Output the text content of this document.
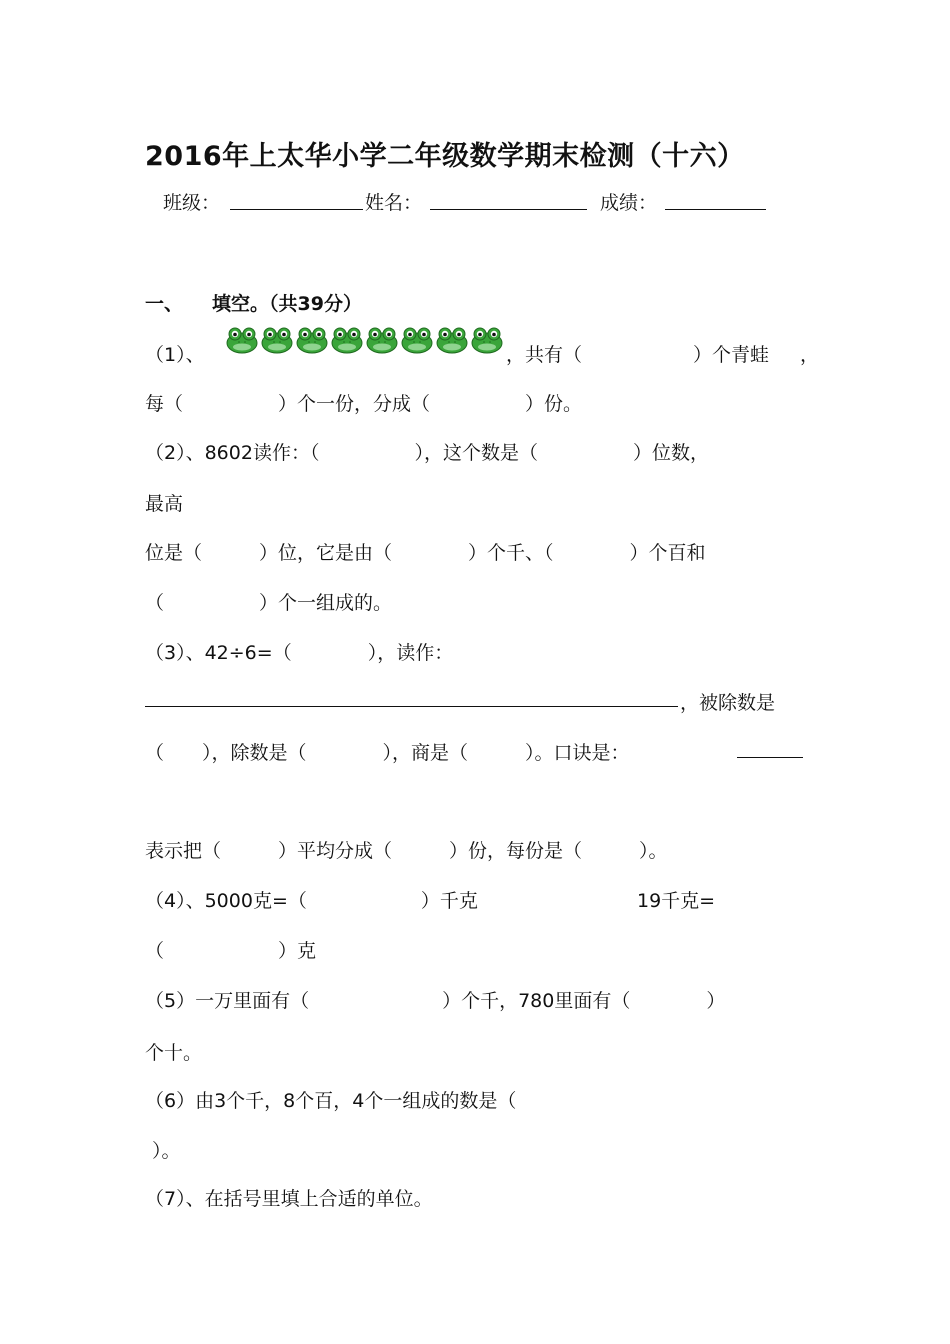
2016年上太华小学二年级数学期末检测（十六）
班级：	姓名：	成绩：
一、 填空。（共39分）
（1）、	，共有（	）个青蛙 ，
每（　　　　　）个一份，分成（　　　　　）份。
（2）、8602读作：（　　　　　），这个数是（　　　　　）位数，
最高
位是（　　　）位，它是由（　　　　）个千、（　　　　）个百和
（　　　　　）个一组成的。
（3）、42÷6=（　　　　），读作：
，被除数是
（　　），除数是（　　　　），商是（　　　）。口诀是：
表示把（　　　）平均分成（　　　）份，每份是（　　　）。
（4）、5000克=（　　　　　　）千克	19千克=
（　　　　　　）克
（5）一万里面有（　　　　　　　）个千，780里面有（　　　　）
个十。
（6）由3个千，8个百，4个一组成的数是（
）。
（7）、在括号里填上合适的单位。
